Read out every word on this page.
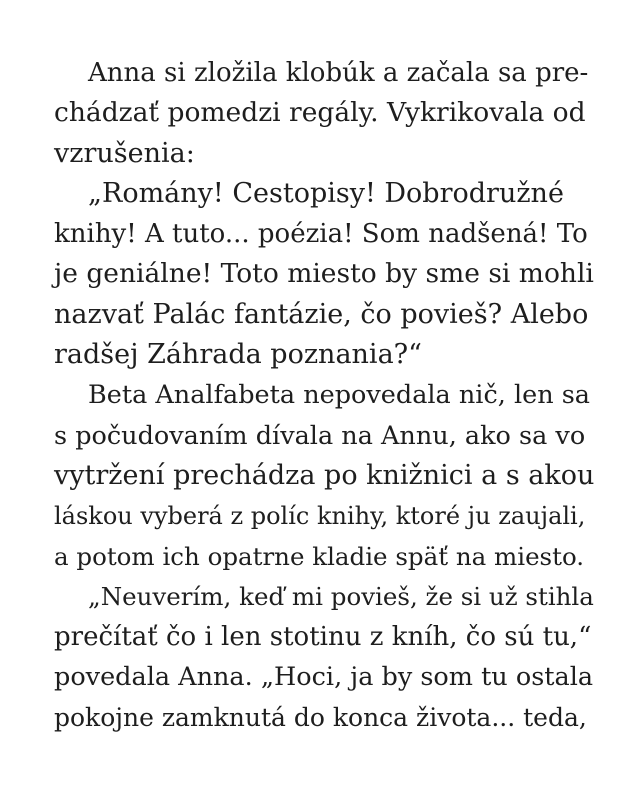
Anna si zložila klobúk a začala sa pre-
chádzať pomedzi regály. Vykrikovala od
vzrušenia:
„Romány! Cestopisy! Dobrodružné
knihy! A tuto... poézia! Som nadšená! To
je geniálne! Toto miesto by sme si mohli
nazvať Palác fantázie, čo povieš? Alebo
radšej Záhrada poznania?“
Beta Analfabeta nepovedala nič, len sa
s počudovaním dívala na Annu, ako sa vo
vytržení prechádza po knižnici a s akou
láskou vyberá z políc knihy, ktoré ju zaujali,
a potom ich opatrne kladie späť na miesto.
„Neuverím, keď mi povieš, že si už stihla
prečítať čo i len stotinu z kníh, čo sú tu,“
povedala Anna. „Hoci, ja by som tu ostala
pokojne zamknutá do konca života... teda,
